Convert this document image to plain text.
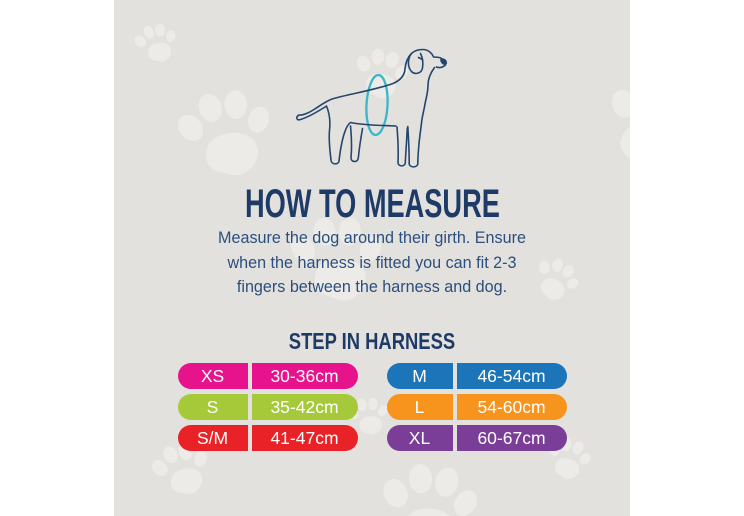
HOW TO MEASURE
Measure the dog around their girth. Ensure
when the harness is fitted you can fit 2-3
fingers between the harness and dog.
STEP IN HARNESS
XS	30-36cm
S	35-42cm
S/M	41-47cm
M	46-54cm
L	54-60cm
XL	60-67cm
